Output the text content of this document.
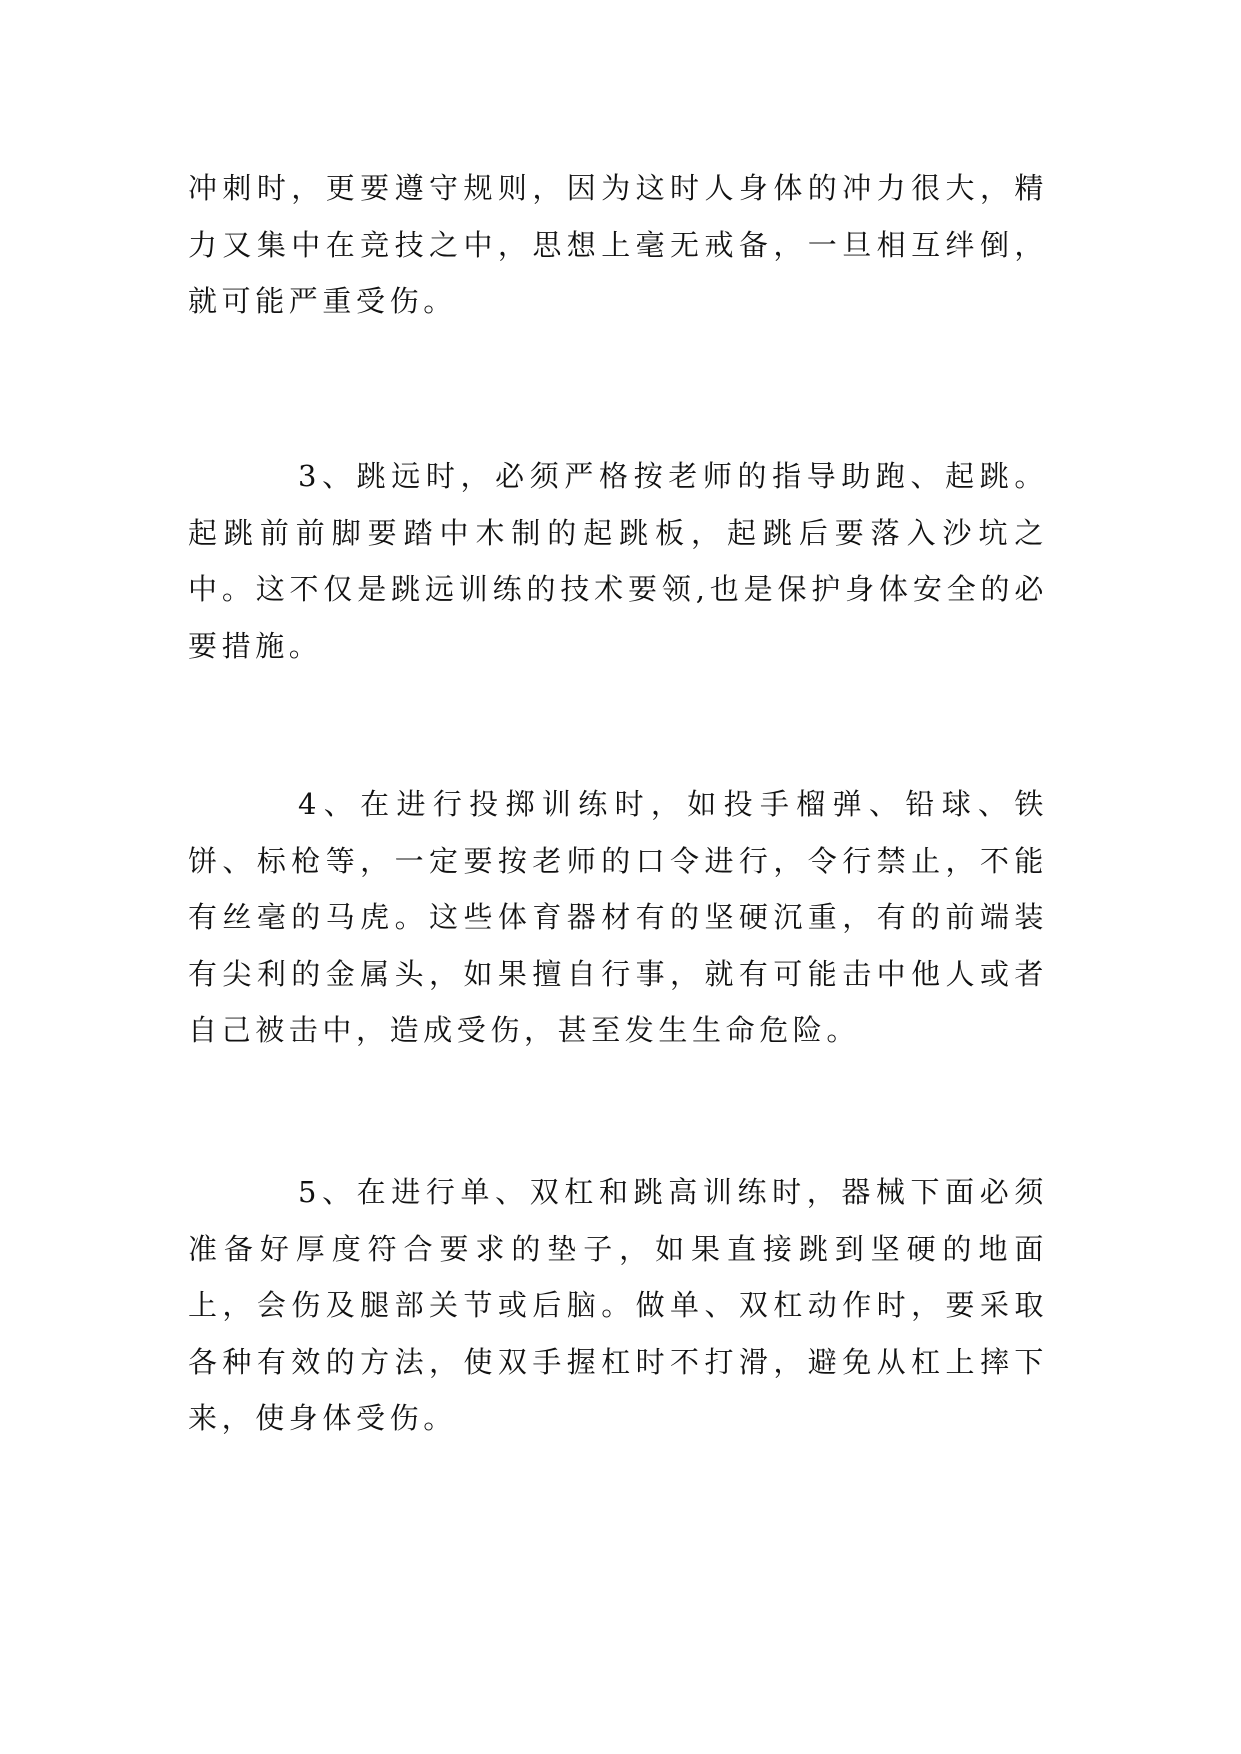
冲刺时，更要遵守规则，因为这时人身体的冲力很大，精力又集中在竞技之中，思想上毫无戒备，一旦相互绊倒，就可能严重受伤。

3、跳远时，必须严格按老师的指导助跑、起跳。起跳前前脚要踏中木制的起跳板，起跳后要落入沙坑之中。这不仅是跳远训练的技术要领,也是保护身体安全的必要措施。

4、在进行投掷训练时，如投手榴弹、铅球、铁饼、标枪等，一定要按老师的口令进行，令行禁止，不能有丝毫的马虎。这些体育器材有的坚硬沉重，有的前端装有尖利的金属头，如果擅自行事，就有可能击中他人或者自己被击中，造成受伤，甚至发生生命危险。

5、在进行单、双杠和跳高训练时，器械下面必须准备好厚度符合要求的垫子，如果直接跳到坚硬的地面上，会伤及腿部关节或后脑。做单、双杠动作时，要采取各种有效的方法，使双手握杠时不打滑，避免从杠上摔下来，使身体受伤。
